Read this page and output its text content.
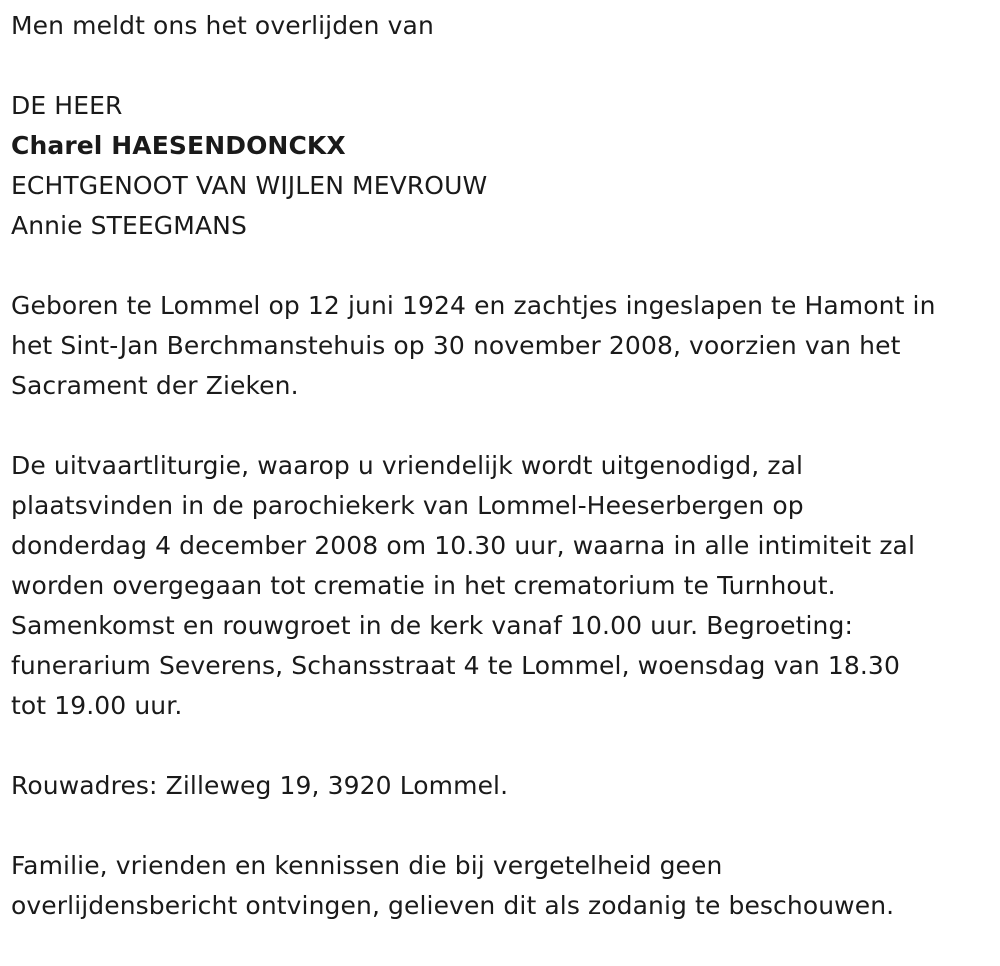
Men meldt ons het overlijden van
DE HEER
Charel HAESENDONCKX
ECHTGENOOT VAN WIJLEN MEVROUW
Annie STEEGMANS
Geboren te Lommel op 12 juni 1924 en zachtjes ingeslapen te Hamont in
het Sint-Jan Berchmanstehuis op 30 november 2008, voorzien van het
Sacrament der Zieken.
De uitvaartliturgie, waarop u vriendelijk wordt uitgenodigd, zal
plaatsvinden in de parochiekerk van Lommel-Heeserbergen op
donderdag 4 december 2008 om 10.30 uur, waarna in alle intimiteit zal
worden overgegaan tot crematie in het crematorium te Turnhout.
Samenkomst en rouwgroet in de kerk vanaf 10.00 uur. Begroeting:
funerarium Severens, Schansstraat 4 te Lommel, woensdag van 18.30
tot 19.00 uur.
Rouwadres: Zilleweg 19, 3920 Lommel.
Familie, vrienden en kennissen die bij vergetelheid geen
overlijdensbericht ontvingen, gelieven dit als zodanig te beschouwen.
